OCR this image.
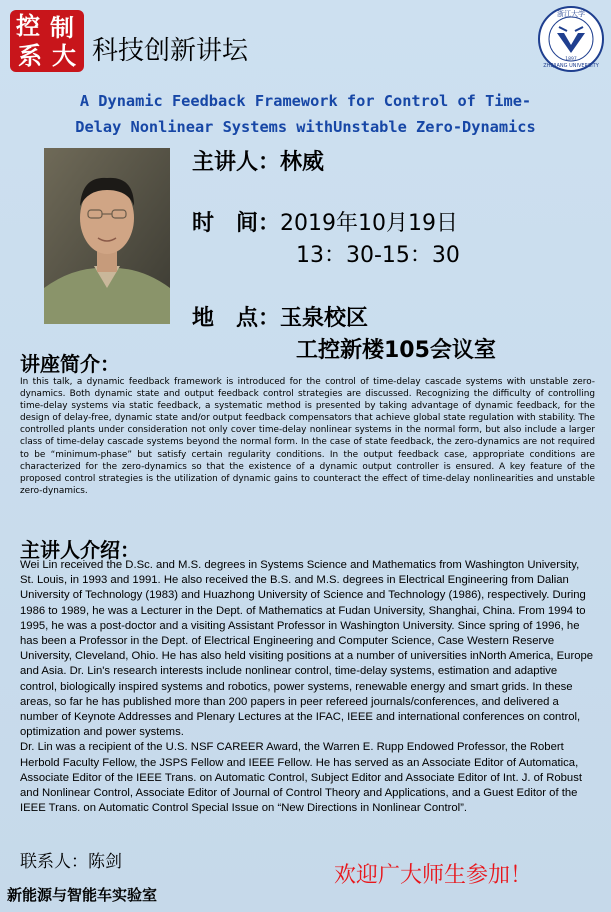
控 制
系 大 科技创新讲坛
浙江大学
ZHEJIANG UNIVERSITY
1897
A Dynamic Feedback Framework for Control of Time-
Delay Nonlinear Systems withUnstable Zero-Dynamics
主讲人：林威
时　间：2019年10月19日
13：30-15：30
地　点：玉泉校区
工控新楼105会议室
讲座简介：
In this talk, a dynamic feedback framework is introduced for the control of time-delay cascade systems with unstable zero-dynamics. Both dynamic state and output feedback control strategies are discussed. Recognizing the difficulty of controlling time-delay systems via static feedback, a systematic method is presented by taking advantage of dynamic feedback, for the design of delay-free, dynamic state and/or output feedback compensators that achieve global state regulation with stability. The controlled plants under consideration not only cover time-delay nonlinear systems in the normal form, but also include a larger class of time-delay cascade systems beyond the normal form. In the case of state feedback, the zero-dynamics are not required to be “minimum-phase” but satisfy certain regularity conditions. In the output feedback case, appropriate conditions are characterized for the zero-dynamics so that the existence of a dynamic output controller is ensured. A key feature of the proposed control strategies is the utilization of dynamic gains to counteract the effect of time-delay nonlinearities and unstable zero-dynamics.
主讲人介绍：

Wei Lin received the D.Sc. and M.S. degrees in Systems Science and Mathematics from Washington University, St. Louis, in 1993 and 1991. He also received the B.S. and M.S. degrees in Electrical Engineering from Dalian University of Technology (1983) and Huazhong University of Science and Technology (1986), respectively. During 1986 to 1989, he was a Lecturer in the Dept. of Mathematics at Fudan University, Shanghai, China. From 1994 to 1995, he was a post-doctor and a visiting Assistant Professor in Washington University. Since spring of 1996, he has been a Professor in the Dept. of Electrical Engineering and Computer Science, Case Western Reserve University, Cleveland, Ohio. He has also held visiting positions at a number of universities inNorth America, Europe and Asia. Dr. Lin's research interests include nonlinear control, time-delay systems, estimation and adaptive control, biologically inspired systems and robotics, power systems, renewable energy and smart grids. In these areas, so far he has published more than 200 papers in peer refereed journals/conferences, and delivered a number of Keynote Addresses and Plenary Lectures at the IFAC, IEEE and international conferences on control, optimization and power systems.

Dr. Lin was a recipient of the U.S. NSF CAREER Award, the Warren E. Rupp Endowed Professor, the Robert Herbold Faculty Fellow, the JSPS Fellow and IEEE Fellow. He has served as an Associate Editor of Automatica, Associate Editor of the IEEE Trans. on Automatic Control, Subject Editor and Associate Editor of Int. J. of Robust and Nonlinear Control, Associate Editor of Journal of Control Theory and Applications, and a Guest Editor of the IEEE Trans. on Automatic Control Special Issue on “New Directions in Nonlinear Control”.

联系人：陈剑
欢迎广大师生参加！
新能源与智能车实验室
